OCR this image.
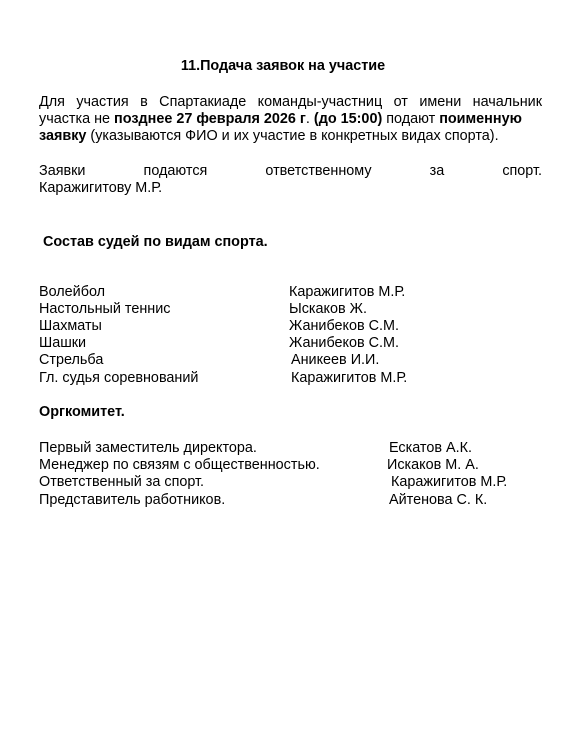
11.Подача заявок на участие
Для участия в Спартакиаде команды-участниц от имени начальник
участка не позднее 27 февраля 2026 г. (до 15:00) подают поименную
заявку (указываются ФИО и их участие в конкретных видах спорта).
Заявки	подаются	ответственному	за	спорт.
Каражигитову М.Р.
Состав судей по видам спорта.
Волейбол	Каражигитов М.Р.
Настольный теннис	Ыскаков Ж.
Шахматы	Жанибеков С.М.
Шашки	Жанибеков С.М.
Стрельба	Аникеев И.И.
Гл. судья соревнований	Каражигитов М.Р.
Оргкомитет.
Первый заместитель директора.	Ескатов А.К.
Менеджер по связям с общественностью.	Искаков М. А.
Ответственный за спорт.	Каражигитов М.Р.
Представитель работников.	Айтенова С. К.
